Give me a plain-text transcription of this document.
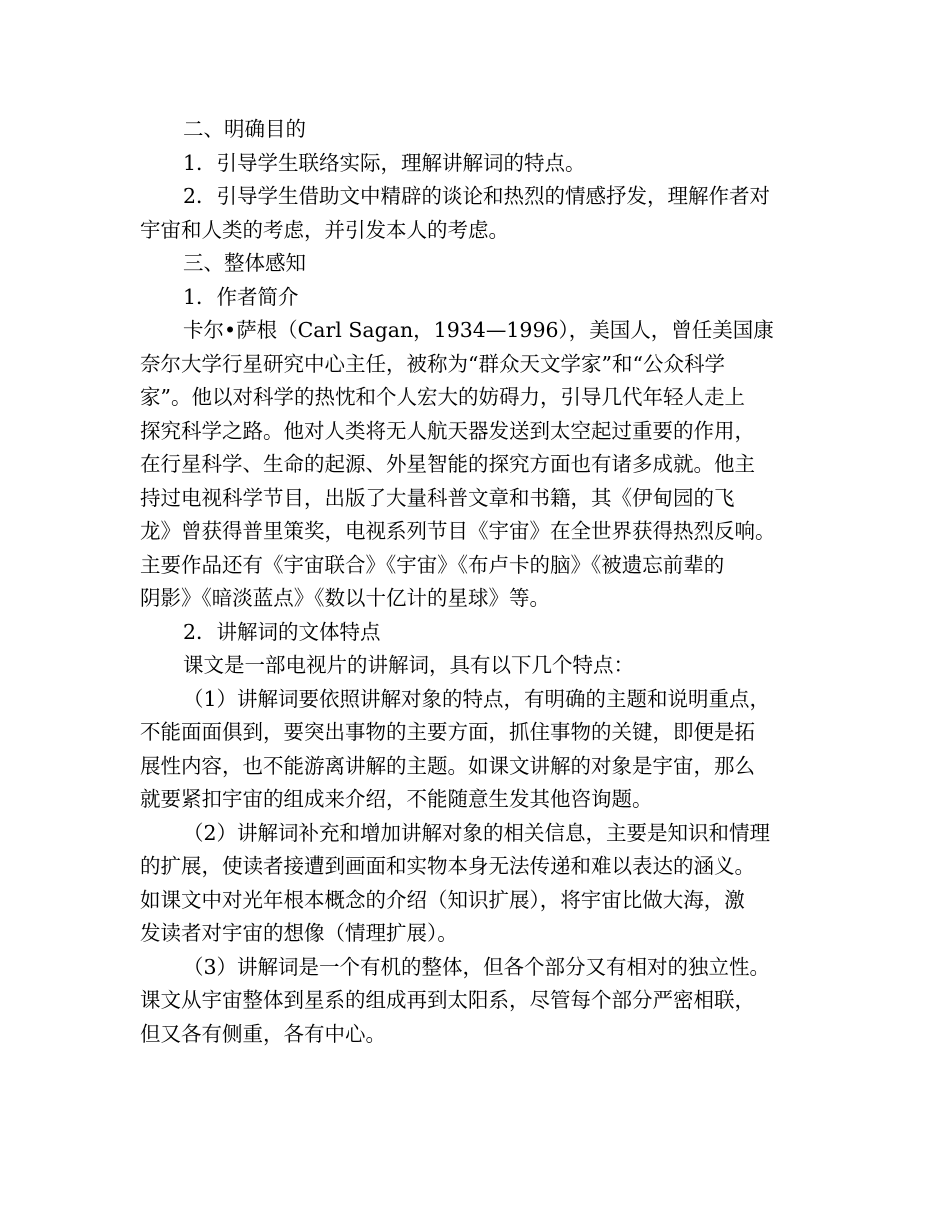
二、明确目的
1．引导学生联络实际，理解讲解词的特点。
2．引导学生借助文中精辟的谈论和热烈的情感抒发，理解作者对
宇宙和人类的考虑，并引发本人的考虑。
三、整体感知
1．作者简介
卡尔•萨根（Carl Sagan，1934—1996），美国人，曾任美国康
奈尔大学行星研究中心主任，被称为“群众天文学家”和“公众科学
家”。他以对科学的热忱和个人宏大的妨碍力，引导几代年轻人走上
探究科学之路。他对人类将无人航天器发送到太空起过重要的作用，
在行星科学、生命的起源、外星智能的探究方面也有诸多成就。他主
持过电视科学节目，出版了大量科普文章和书籍，其《伊甸园的飞
龙》曾获得普里策奖，电视系列节目《宇宙》在全世界获得热烈反响。
主要作品还有《宇宙联合》《宇宙》《布卢卡的脑》《被遗忘前辈的
阴影》《暗淡蓝点》《数以十亿计的星球》等。
2．讲解词的文体特点
课文是一部电视片的讲解词，具有以下几个特点：
（1）讲解词要依照讲解对象的特点，有明确的主题和说明重点，
不能面面俱到，要突出事物的主要方面，抓住事物的关键，即便是拓
展性内容，也不能游离讲解的主题。如课文讲解的对象是宇宙，那么
就要紧扣宇宙的组成来介绍，不能随意生发其他咨询题。
（2）讲解词补充和增加讲解对象的相关信息，主要是知识和情理
的扩展，使读者接遭到画面和实物本身无法传递和难以表达的涵义。
如课文中对光年根本概念的介绍（知识扩展），将宇宙比做大海，激
发读者对宇宙的想像（情理扩展）。
（3）讲解词是一个有机的整体，但各个部分又有相对的独立性。
课文从宇宙整体到星系的组成再到太阳系，尽管每个部分严密相联，
但又各有侧重，各有中心。
